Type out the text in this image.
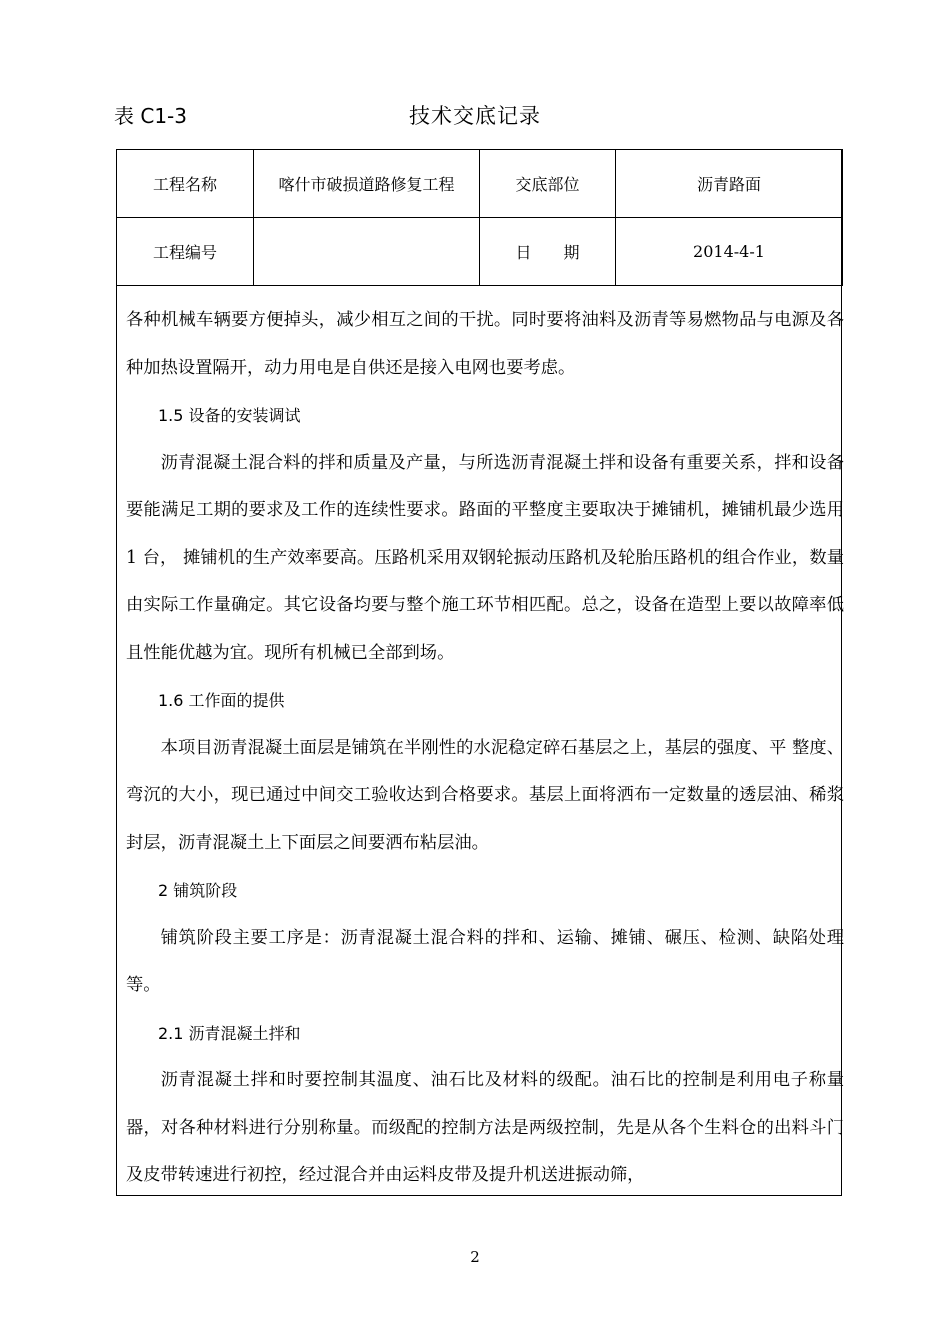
表 C1-3	技术交底记录
工程名称	喀什市破损道路修复工程	交底部位	沥青路面
工程编号		日　　期	2014-4-1

各种机械车辆要方便掉头，减少相互之间的干扰。同时要将油料及沥青等易燃物品与电源及各种加热设置隔开，动力用电是自供还是接入电网也要考虑。

1.5 设备的安装调试

沥青混凝土混合料的拌和质量及产量，与所选沥青混凝土拌和设备有重要关系，拌和设备要能满足工期的要求及工作的连续性要求。路面的平整度主要取决于摊铺机，摊铺机最少选用 1 台， 摊铺机的生产效率要高。压路机采用双钢轮振动压路机及轮胎压路机的组合作业，数量由实际工作量确定。其它设备均要与整个施工环节相匹配。总之，设备在造型上要以故障率低且性能优越为宜。现所有机械已全部到场。

1.6 工作面的提供

本项目沥青混凝土面层是铺筑在半刚性的水泥稳定碎石基层之上，基层的强度、平 整度、弯沉的大小，现已通过中间交工验收达到合格要求。基层上面将洒布一定数量的透层油、稀浆封层，沥青混凝土上下面层之间要洒布粘层油。

2 铺筑阶段

铺筑阶段主要工序是：沥青混凝土混合料的拌和、运输、摊铺、碾压、检测、缺陷处理等。

2.1 沥青混凝土拌和

沥青混凝土拌和时要控制其温度、油石比及材料的级配。油石比的控制是利用电子称量器，对各种材料进行分别称量。而级配的控制方法是两级控制，先是从各个生料仓的出料斗门及皮带转速进行初控，经过混合并由运料皮带及提升机送进振动筛，

2
